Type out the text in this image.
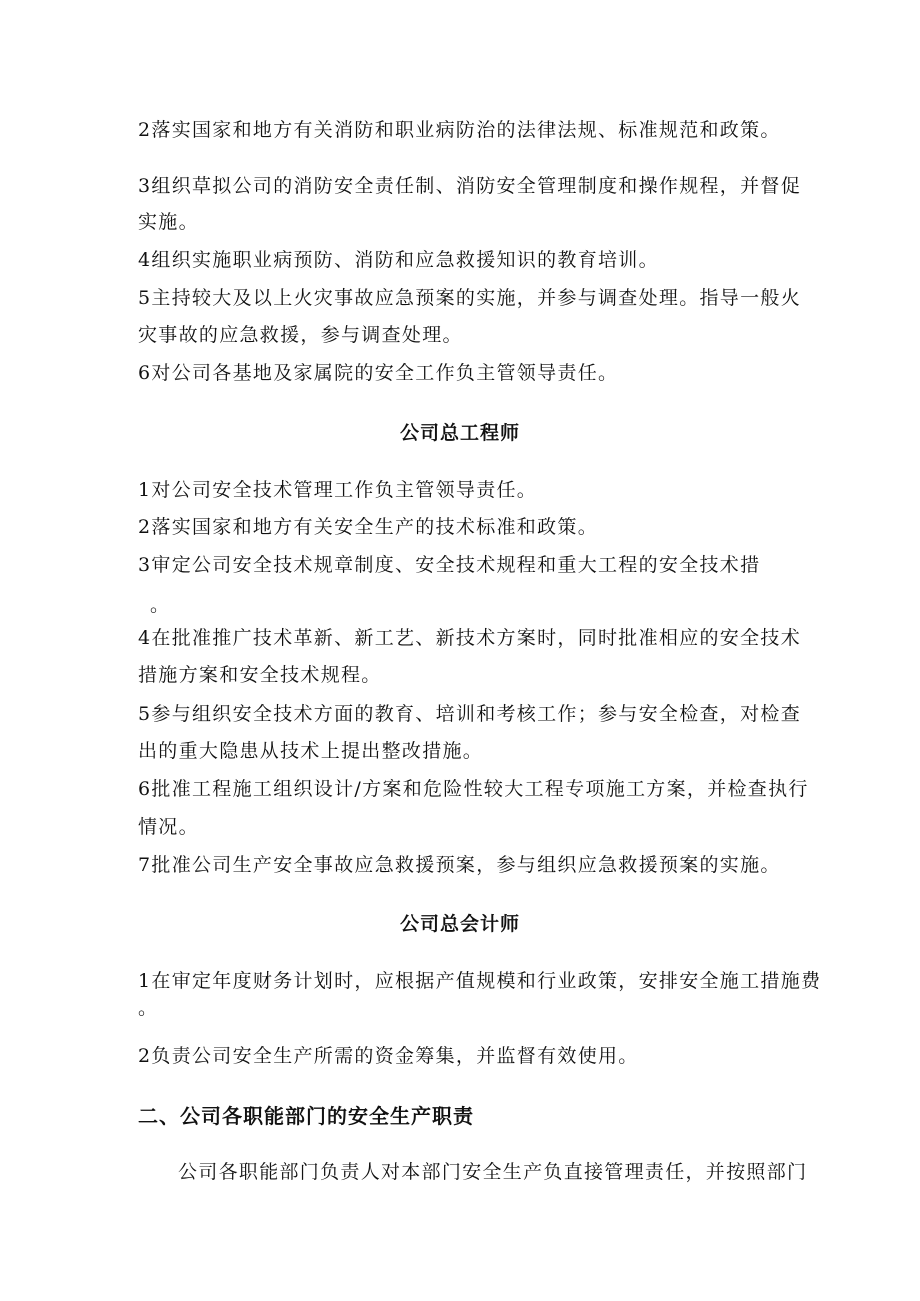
2落实国家和地方有关消防和职业病防治的法律法规、标准规范和政策。
3组织草拟公司的消防安全责任制、消防安全管理制度和操作规程，并督促
实施。
4组织实施职业病预防、消防和应急救援知识的教育培训。
5主持较大及以上火灾事故应急预案的实施，并参与调查处理。指导一般火
灾事故的应急救援，参与调查处理。
6对公司各基地及家属院的安全工作负主管领导责任。
公司总工程师
1对公司安全技术管理工作负主管领导责任。
2落实国家和地方有关安全生产的技术标准和政策。
3审定公司安全技术规章制度、安全技术规程和重大工程的安全技术措
。
4在批准推广技术革新、新工艺、新技术方案时，同时批准相应的安全技术
措施方案和安全技术规程。
5参与组织安全技术方面的教育、培训和考核工作；参与安全检查，对检查
出的重大隐患从技术上提出整改措施。
6批准工程施工组织设计/方案和危险性较大工程专项施工方案，并检查执行
情况。
7批准公司生产安全事故应急救援预案，参与组织应急救援预案的实施。
公司总会计师
1在审定年度财务计划时，应根据产值规模和行业政策，安排安全施工措施费
。
2负责公司安全生产所需的资金筹集，并监督有效使用。
二、公司各职能部门的安全生产职责
公司各职能部门负责人对本部门安全生产负直接管理责任，并按照部门
